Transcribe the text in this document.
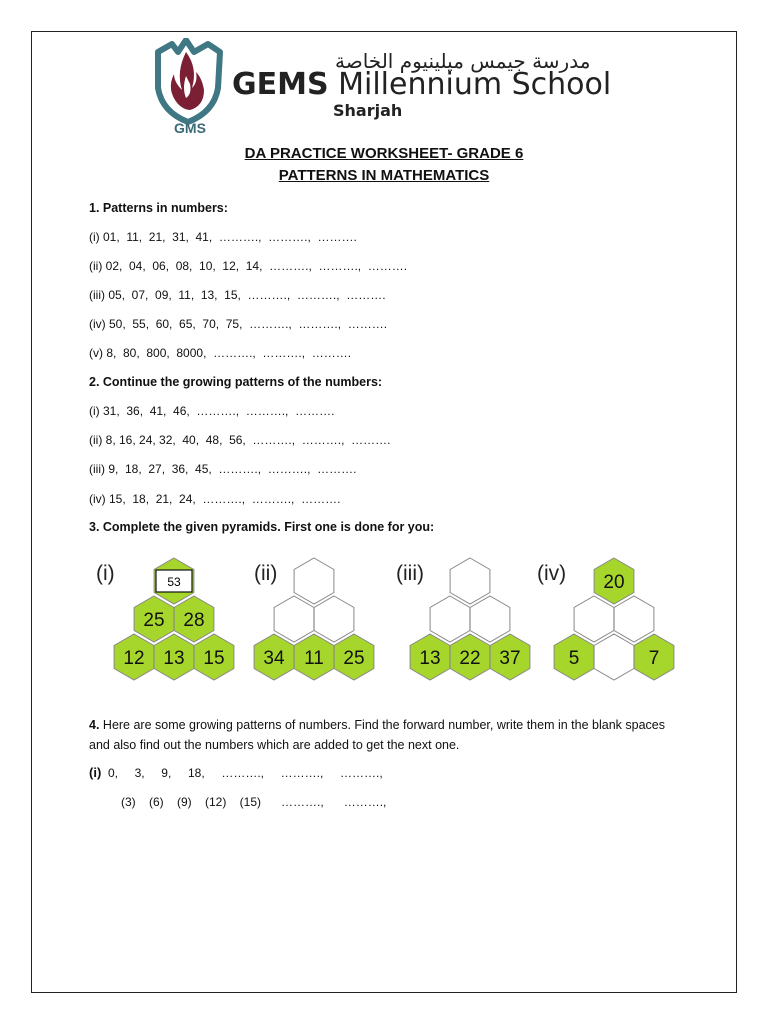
GMS
مدرسة جيمس ميلينيوم الخاصة
GEMS Millennium School
Sharjah
DA PRACTICE WORKSHEET- GRADE 6
PATTERNS IN MATHEMATICS
1. Patterns in numbers:
(i) 01,  11,  21,  31,  41,  ……….,  ……….,  ……….
(ii) 02,  04,  06,  08,  10,  12,  14,  ……….,  ……….,  ……….
(iii) 05,  07,  09,  11,  13,  15,  ……….,  ……….,  ……….
(iv) 50,  55,  60,  65,  70,  75,  ……….,  ……….,  ……….
(v) 8,  80,  800,  8000,  ……….,  ……….,  ……….
2. Continue the growing patterns of the numbers:
(i) 31,  36,  41,  46,  ……….,  ……….,  ……….
(ii) 8, 16, 24, 32,  40,  48,  56,  ……….,  ……….,  ……….
(iii) 9,  18,  27,  36,  45,  ……….,  ……….,  ……….
(iv) 15,  18,  21,  24,  ……….,  ……….,  ……….
3. Complete the given pyramids. First one is done for you:
(i)	(ii)	(iii)	(iv)
12 13 15
25 28
53
34 11 25	13 22 37	5	7
20
4. Here are some growing patterns of numbers. Find the forward number, write them in the blank spaces and also find out the numbers which are added to get the next one.
(i)  0,     3,     9,     18,     ……….,     ……….,     ……….,
(3)    (6)    (9)    (12)    (15)      ……….,      ……….,
